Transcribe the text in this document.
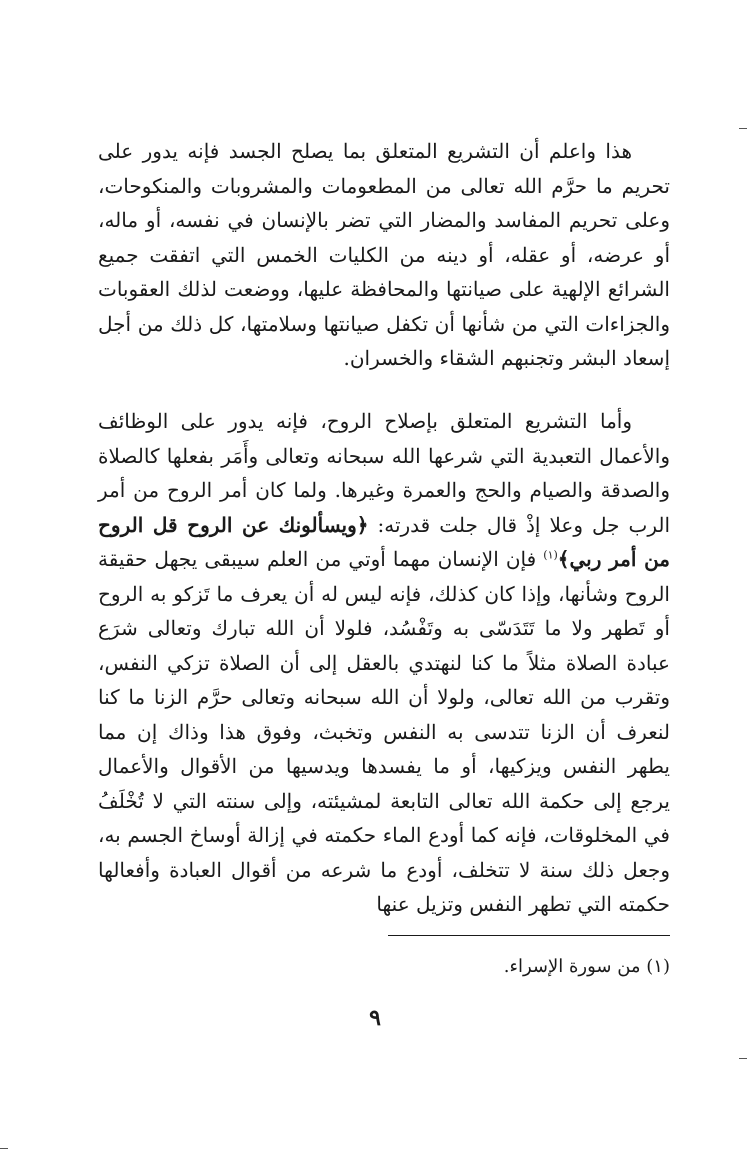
هذا واعلم أن التشريع المتعلق بما يصلح الجسد فإنه يدور على تحريم ما حرَّم الله تعالى من المطعومات والمشروبات والمنكوحات، وعلى تحريم المفاسد والمضار التي تضر بالإنسان في نفسه، أو ماله، أو عرضه، أو عقله، أو دينه من الكليات الخمس التي اتفقت جميع الشرائع الإلهية على صيانتها والمحافظة عليها، ووضعت لذلك العقوبات والجزاءات التي من شأنها أن تكفل صيانتها وسلامتها، كل ذلك من أجل إسعاد البشر وتجنبهم الشقاء والخسران.

وأما التشريع المتعلق بإصلاح الروح، فإنه يدور على الوظائف والأعمال التعبدية التي شرعها الله سبحانه وتعالى وأَمَر بفعلها كالصلاة والصدقة والصيام والحج والعمرة وغيرها. ولما كان أمر الروح من أمر الرب جل وعلا إذْ قال جلت قدرته: ﴿ويسألونك عن الروح قل الروح من أمر ربي﴾$^{(١)}$ فإن الإنسان مهما أوتي من العلم سيبقى يجهل حقيقة الروح وشأنها، وإذا كان كذلك، فإنه ليس له أن يعرف ما تَزكو به الروح أو تَطهر ولا ما تَتَدَسّى به وتَفْسُد، فلولا أن الله تبارك وتعالى شرَع عبادة الصلاة مثلاً ما كنا لنهتدي بالعقل إلى أن الصلاة تزكي النفس، وتقرب من الله تعالى، ولولا أن الله سبحانه وتعالى حرَّم الزنا ما كنا لنعرف أن الزنا تتدسى به النفس وتخبث، وفوق هذا وذاك إن مما يطهر النفس ويزكيها، أو ما يفسدها ويدسيها من الأقوال والأعمال يرجع إلى حكمة الله تعالى التابعة لمشيئته، وإلى سنته التي لا تُخْلَفُ في المخلوقات، فإنه كما أودع الماء حكمته في إزالة أوساخ الجسم به، وجعل ذلك سنة لا تتخلف، أودع ما شرعه من أقوال العبادة وأفعالها حكمته التي تطهر النفس وتزيل عنها

(١) من سورة الإسراء.
٩
